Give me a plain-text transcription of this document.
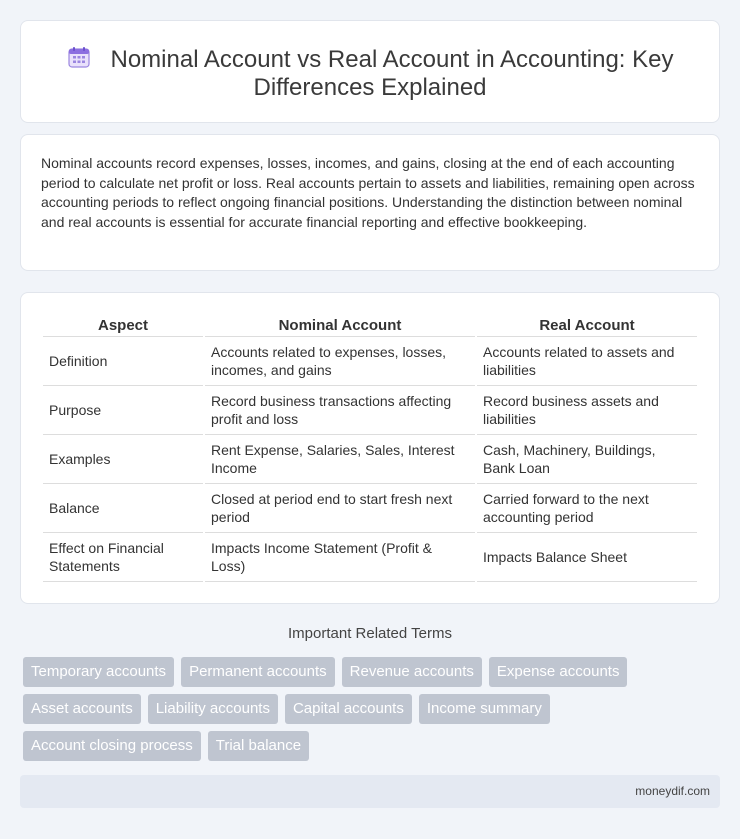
Nominal Account vs Real Account in Accounting: Key
Differences Explained

Nominal accounts record expenses, losses, incomes, and gains, closing at the end of each accounting period to calculate net profit or loss. Real accounts pertain to assets and liabilities, remaining open across accounting periods to reflect ongoing financial positions. Understanding the distinction between nominal and real accounts is essential for accurate financial reporting and effective bookkeeping.

Aspect	Nominal Account	Real Account
Definition	Accounts related to expenses, losses, incomes, and gains	Accounts related to assets and liabilities
Purpose	Record business transactions affecting profit and loss	Record business assets and liabilities
Examples	Rent Expense, Salaries, Sales, Interest Income	Cash, Machinery, Buildings, Bank Loan
Balance	Closed at period end to start fresh next period	Carried forward to the next accounting period
Effect on Financial Statements	Impacts Income Statement (Profit & Loss)	Impacts Balance Sheet
Important Related Terms
Temporary accounts	Permanent accounts	Revenue accounts	Expense accounts
Asset accounts	Liability accounts	Capital accounts	Income summary
Account closing process	Trial balance
moneydif.com
